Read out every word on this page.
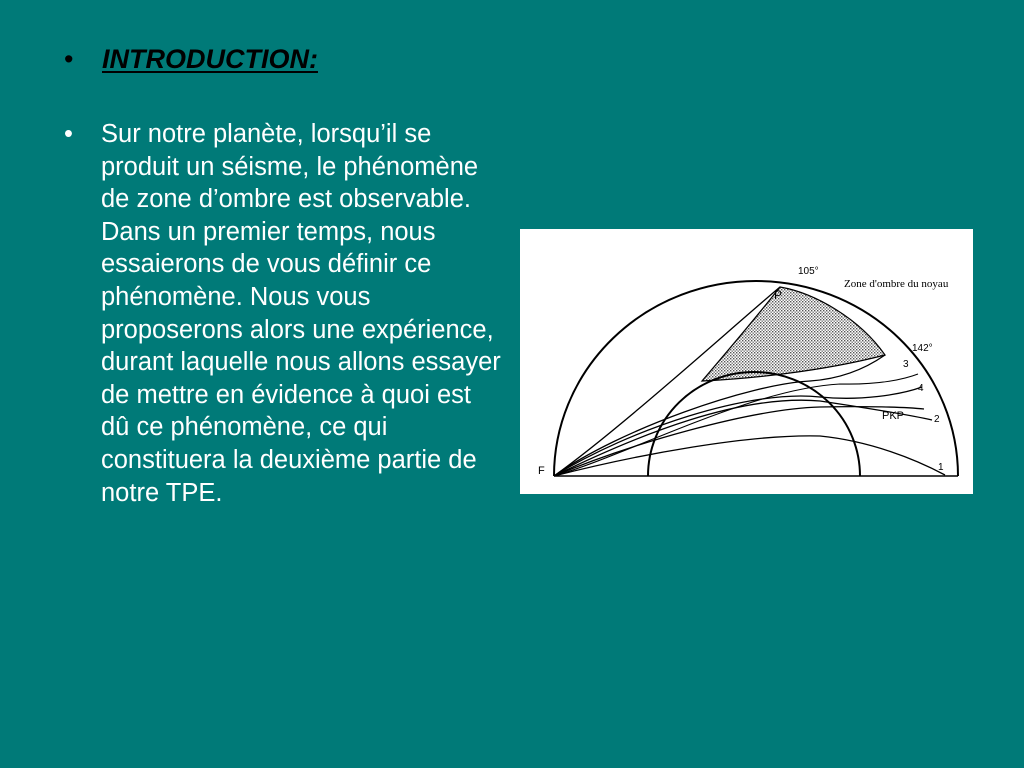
• INTRODUCTION:
• Sur notre planète, lorsqu’il se produit un séisme, le phénomène de zone d’ombre est observable. Dans un premier temps, nous essaierons de vous définir ce phénomène. Nous vous proposerons alors une expérience, durant laquelle nous allons essayer de mettre en évidence à quoi est dû ce phénomène, ce qui constituera la deuxième partie de notre TPE.
105°
Zone d'ombre du noyau
P
142°
3
4
PKP	2
1
F
